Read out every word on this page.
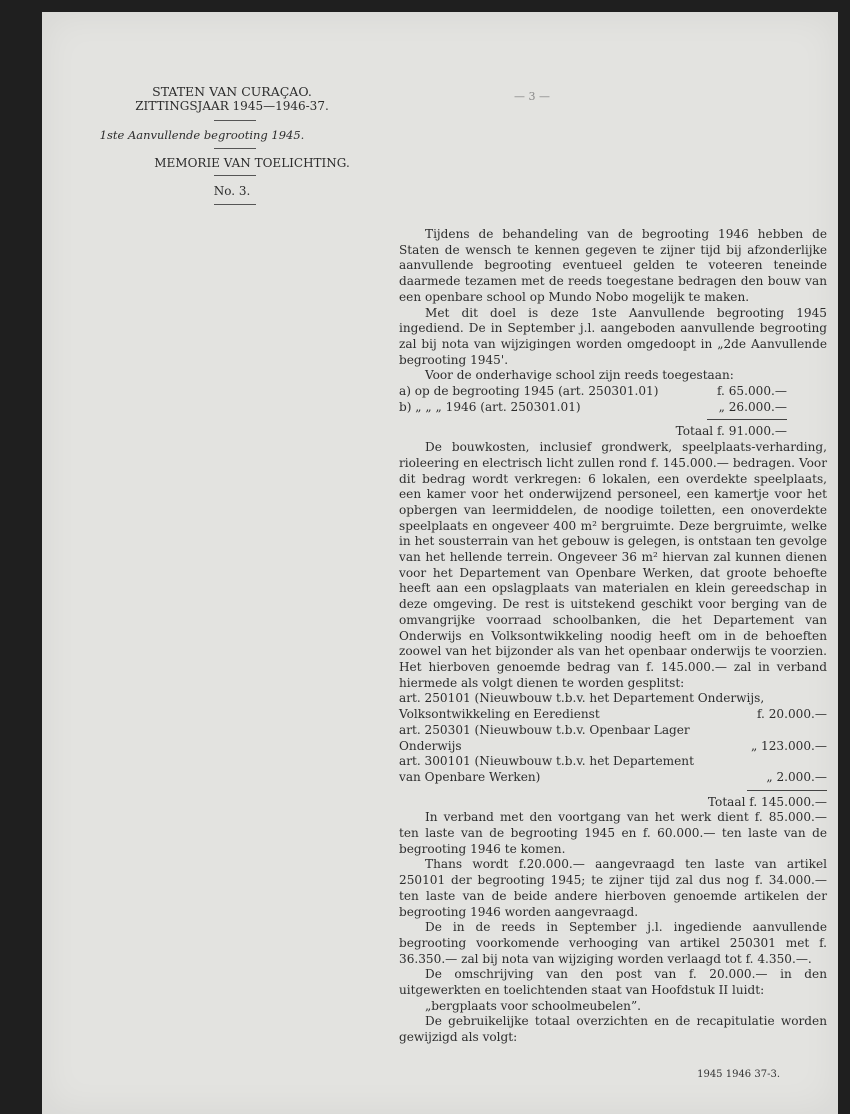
STATEN VAN CURAÇAO.
ZITTINGSJAAR 1945—1946-37.
1ste Aanvullende begrooting 1945.
MEMORIE VAN TOELICHTING.
No. 3.
— 3 —

Tijdens de behandeling van de begrooting 1946 hebben de Staten de wensch te kennen gegeven te zijner tijd bij afzonderlijke aanvullende begrooting eventueel gelden te voteeren teneinde daarmede tezamen met de reeds toegestane bedragen den bouw van een openbare school op Mundo Nobo mogelijk te maken.

Met dit doel is deze 1ste Aanvullende begrooting 1945 ingediend. De in September j.l. aangeboden aanvullende begrooting zal bij nota van wijzigingen worden omgedoopt in „2de Aanvullende begrooting 1945'.

Voor de onderhavige school zijn reeds toegestaan:

a) op de begrooting 1945 (art. 250301.01)	f. 65.000.—
b) „ „ „ 1946 (art. 250301.01)	„ 26.000.—
Totaal f. 91.000.—

De bouwkosten, inclusief grondwerk, speelplaats-verharding, rioleering en electrisch licht zullen rond f. 145.000.— bedragen. Voor dit bedrag wordt verkregen: 6 lokalen, een overdekte speelplaats, een kamer voor het onderwijzend personeel, een kamertje voor het opbergen van leermiddelen, de noodige toiletten, een onoverdekte speelplaats en ongeveer 400 m² bergruimte. Deze bergruimte, welke in het sousterrain van het gebouw is gelegen, is ontstaan ten gevolge van het hellende terrein. Ongeveer 36 m² hiervan zal kunnen dienen voor het Departement van Openbare Werken, dat groote behoefte heeft aan een opslagplaats van materialen en klein gereedschap in deze omgeving. De rest is uitstekend geschikt voor berging van de omvangrijke voorraad schoolbanken, die het Departement van Onderwijs en Volksontwikkeling noodig heeft om in de behoeften zoowel van het bijzonder als van het openbaar onderwijs te voorzien. Het hierboven genoemde bedrag van f. 145.000.— zal in verband hiermede als volgt dienen te worden gesplitst:

art. 250101 (Nieuwbouw t.b.v. het Departement Onderwijs,
Volksontwikkeling en Eeredienst	f. 20.000.—
art. 250301 (Nieuwbouw t.b.v. Openbaar Lager
Onderwijs	„ 123.000.—
art. 300101 (Nieuwbouw t.b.v. het Departement
van Openbare Werken)	„ 2.000.—
Totaal f. 145.000.—

In verband met den voortgang van het werk dient f. 85.000.— ten laste van de begrooting 1945 en f. 60.000.— ten laste van de begrooting 1946 te komen.

Thans wordt f.20.000.— aangevraagd ten laste van artikel 250101 der begrooting 1945; te zijner tijd zal dus nog f. 34.000.— ten laste van de beide andere hierboven genoemde artikelen der begrooting 1946 worden aangevraagd.

De in de reeds in September j.l. ingediende aanvullende begrooting voorkomende verhooging van artikel 250301 met f. 36.350.— zal bij nota van wijziging worden verlaagd tot f. 4.350.—.

De omschrijving van den post van f. 20.000.— in den uitgewerkten en toelichtenden staat van Hoofdstuk II luidt:

„bergplaats voor schoolmeubelen”.

De gebruikelijke totaal overzichten en de recapitulatie worden gewijzigd als volgt:

1945 1946 37-3.
